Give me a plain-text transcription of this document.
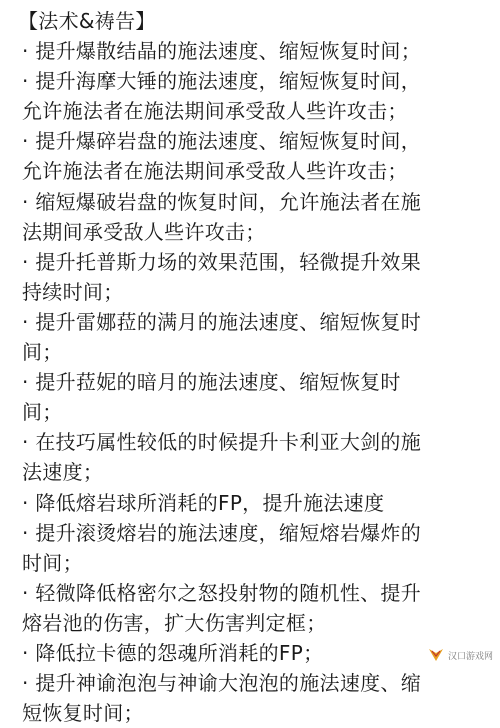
【法术&祷告】
· 提升爆散结晶的施法速度、缩短恢复时间；
· 提升海摩大锤的施法速度，缩短恢复时间，
允许施法者在施法期间承受敌人些许攻击；
· 提升爆碎岩盘的施法速度、缩短恢复时间，
允许施法者在施法期间承受敌人些许攻击；
· 缩短爆破岩盘的恢复时间，允许施法者在施
法期间承受敌人些许攻击；
· 提升托普斯力场的效果范围，轻微提升效果
持续时间；
· 提升雷娜菈的满月的施法速度、缩短恢复时
间；
· 提升菈妮的暗月的施法速度、缩短恢复时
间；
· 在技巧属性较低的时候提升卡利亚大剑的施
法速度；
· 降低熔岩球所消耗的FP，提升施法速度
· 提升滚烫熔岩的施法速度，缩短熔岩爆炸的
时间；
· 轻微降低格密尔之怒投射物的随机性、提升
熔岩池的伤害，扩大伤害判定框；
· 降低拉卡德的怨魂所消耗的FP；
· 提升神谕泡泡与神谕大泡泡的施法速度、缩
短恢复时间；
汉口游戏网
